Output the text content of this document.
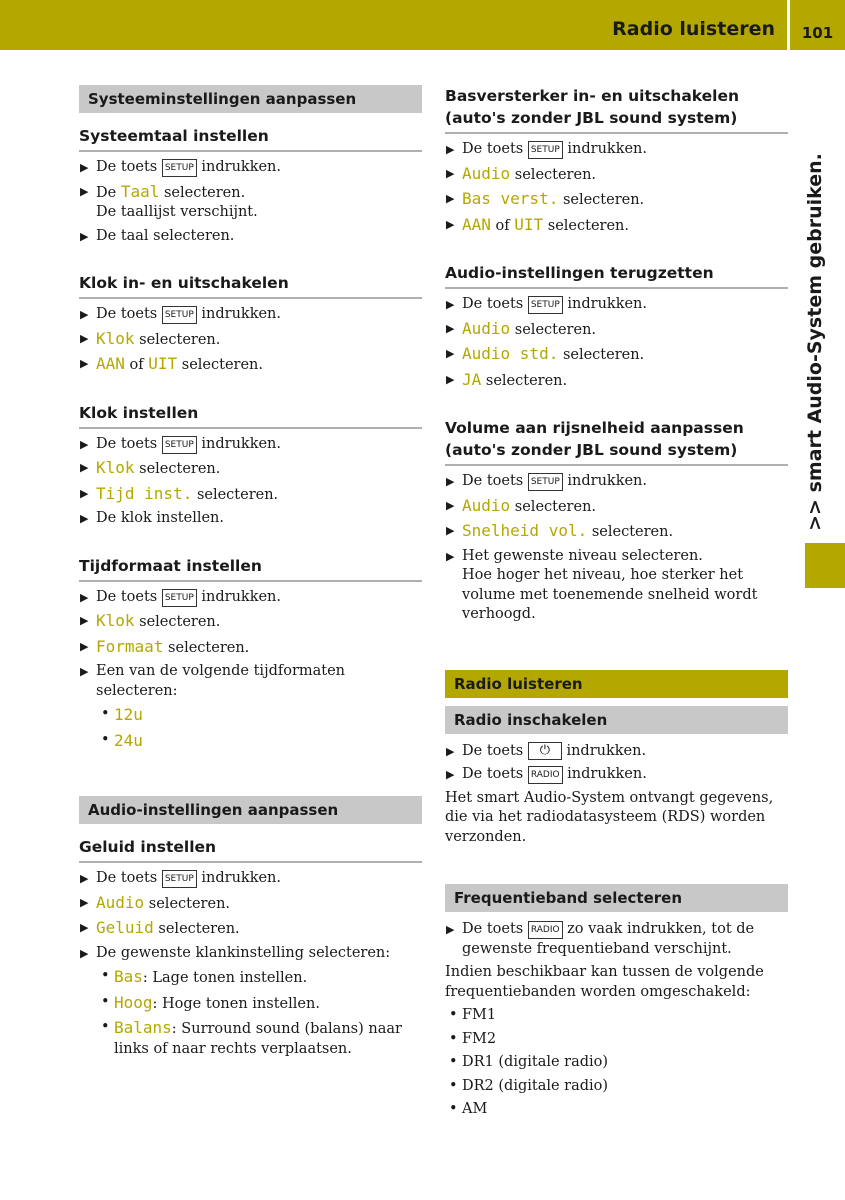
Radio luisteren	101
>> smart Audio-System gebruiken.
Systeeminstellingen aanpassen
Systeemtaal instellen
▶ De toets SETUP indrukken.
▶ De Taal selecteren.
De taallijst verschijnt.
▶ De taal selecteren.
Klok in- en uitschakelen
▶ De toets SETUP indrukken.
▶ Klok selecteren.
▶ AAN of UIT selecteren.
Klok instellen
▶ De toets SETUP indrukken.
▶ Klok selecteren.
▶ Tijd inst. selecteren.
▶ De klok instellen.
Tijdformaat instellen
▶ De toets SETUP indrukken.
▶ Klok selecteren.
▶ Formaat selecteren.
▶ Een van de volgende tijdformaten selecteren:
• 12u
• 24u
Audio-instellingen aanpassen
Geluid instellen
▶ De toets SETUP indrukken.
▶ Audio selecteren.
▶ Geluid selecteren.
▶ De gewenste klankinstelling selecteren:
• Bas: Lage tonen instellen.
• Hoog: Hoge tonen instellen.
• Balans: Surround sound (balans) naar links of naar rechts verplaatsen.
Basversterker in- en uitschakelen (auto's zonder JBL sound system)
▶ De toets SETUP indrukken.
▶ Audio selecteren.
▶ Bas verst. selecteren.
▶ AAN of UIT selecteren.
Audio-instellingen terugzetten
▶ De toets SETUP indrukken.
▶ Audio selecteren.
▶ Audio std. selecteren.
▶ JA selecteren.
Volume aan rijsnelheid aanpassen (auto's zonder JBL sound system)
▶ De toets SETUP indrukken.
▶ Audio selecteren.
▶ Snelheid vol. selecteren.
▶ Het gewenste niveau selecteren.
Hoe hoger het niveau, hoe sterker het volume met toenemende snelheid wordt verhoogd.
Radio luisteren
Radio inschakelen
▶ De toets ⏻ indrukken.
▶ De toets RADIO indrukken.
Het smart Audio-System ontvangt gegevens, die via het radiodatasysteem (RDS) worden verzonden.
Frequentieband selecteren
▶ De toets RADIO zo vaak indrukken, tot de gewenste frequentieband verschijnt.
Indien beschikbaar kan tussen de volgende frequentiebanden worden omgeschakeld:
• FM1
• FM2
• DR1 (digitale radio)
• DR2 (digitale radio)
• AM
